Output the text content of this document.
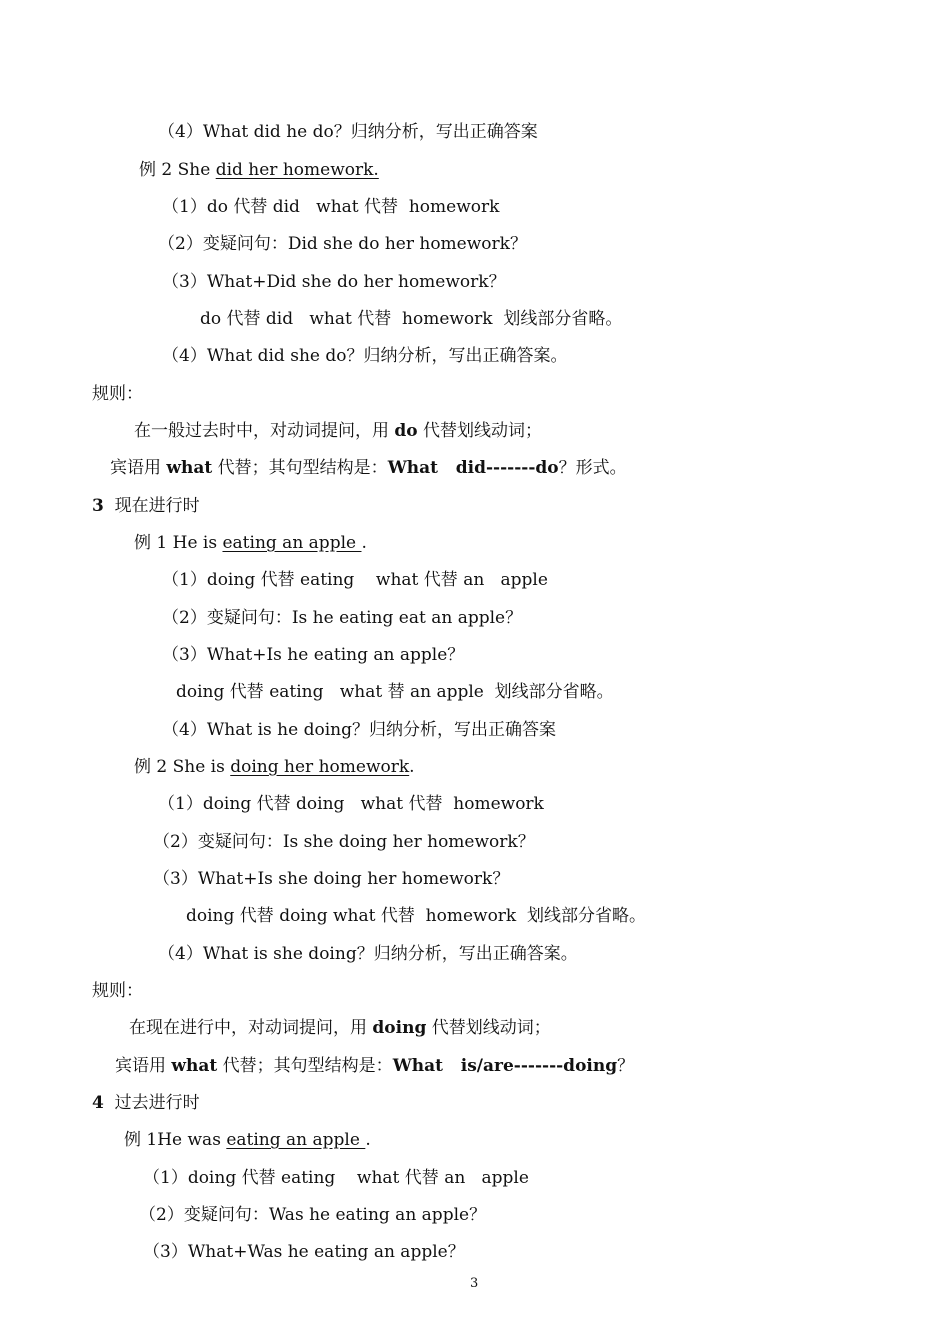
（4）What did he do？归纳分析，写出正确答案
例 2 She did her homework.
（1）do 代替 did   what 代替  homework
（2）变疑问句：Did she do her homework？
（3）What+Did she do her homework？
do 代替 did   what 代替  homework  划线部分省略。
（4）What did she do？归纳分析，写出正确答案。
规则：
在一般过去时中，对动词提问，用 do 代替划线动词；
宾语用 what 代替；其句型结构是：What   did-------do？形式。
3  现在进行时
例 1 He is eating an apple .
（1）doing 代替 eating    what 代替 an   apple
（2）变疑问句：Is he eating eat an apple？
（3）What+Is he eating an apple？
doing 代替 eating   what 替 an apple  划线部分省略。
（4）What is he doing？归纳分析，写出正确答案
例 2 She is doing her homework.
（1）doing 代替 doing   what 代替  homework
（2）变疑问句：Is she doing her homework？
（3）What+Is she doing her homework？
doing 代替 doing what 代替  homework  划线部分省略。
（4）What is she doing？归纳分析，写出正确答案。
规则：
在现在进行中，对动词提问，用 doing 代替划线动词；
宾语用 what 代替；其句型结构是：What   is/are-------doing？
4  过去进行时
例 1He was eating an apple .
（1）doing 代替 eating    what 代替 an   apple
（2）变疑问句：Was he eating an apple？
（3）What+Was he eating an apple？
3
